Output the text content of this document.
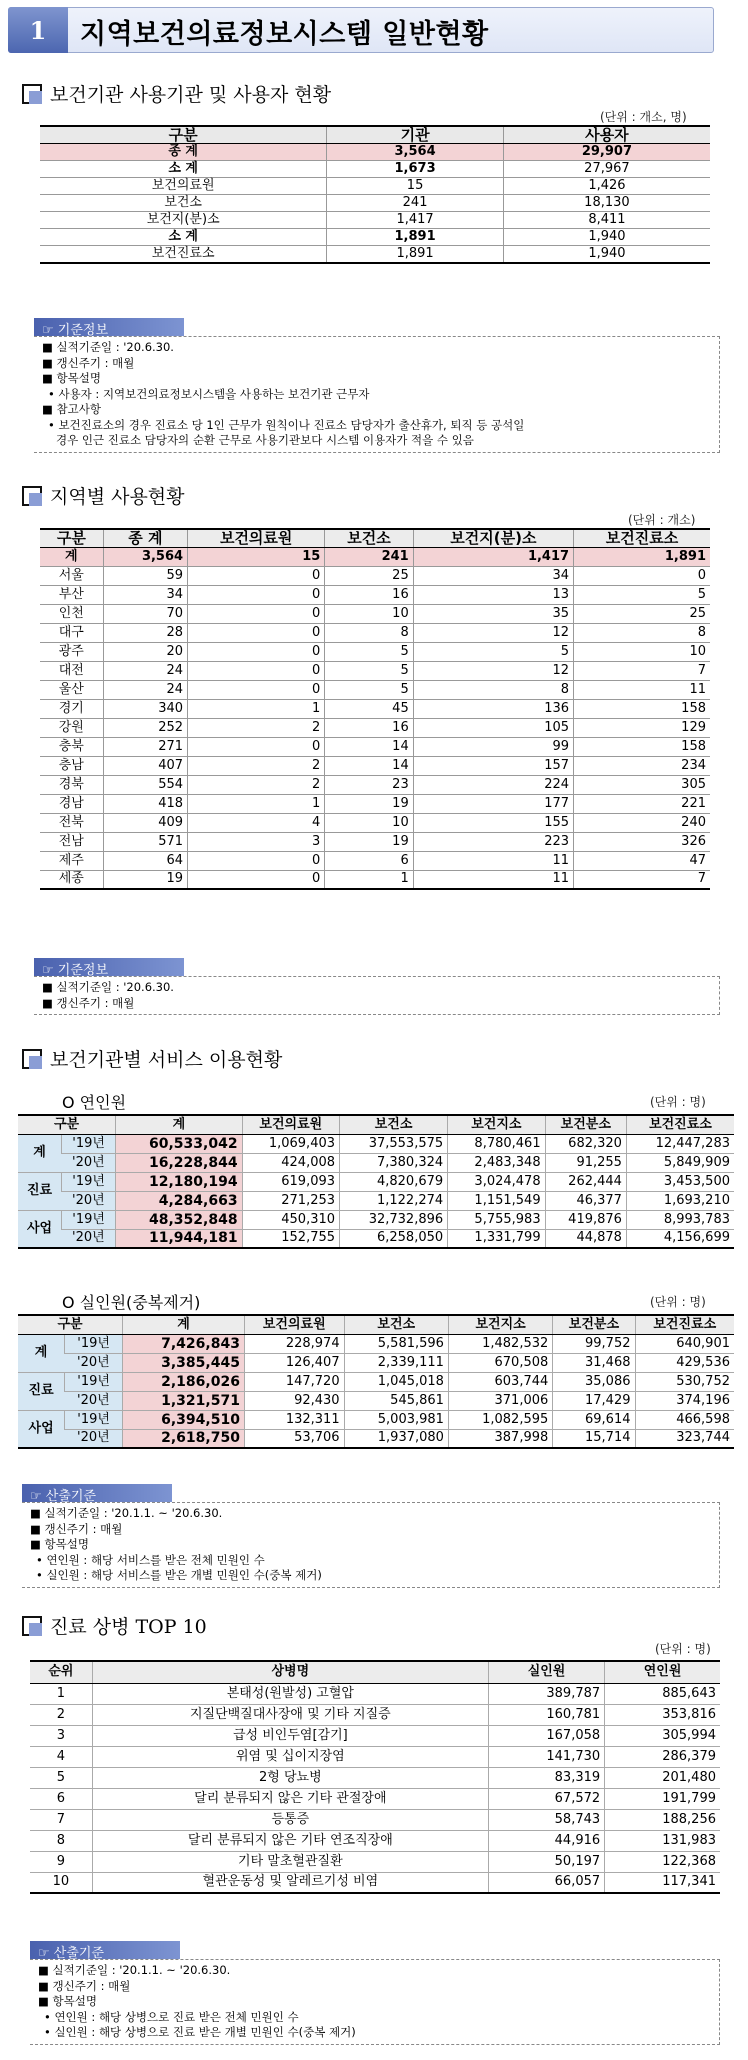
1	지역보건의료정보시스템 일반현황
보건기관 사용기관 및 사용자 현황
(단위 : 개소, 명)
구분	기관	사용자
종 계	3,564	29,907
소 계	1,673	27,967
보건의료원	15	1,426
보건소	241	18,130
보건지(분)소	1,417	8,411
소 계	1,891	1,940
보건진료소	1,891	1,940
☞ 기준정보
■ 실적기준일 : '20.6.30.
■ 갱신주기 : 매월
■ 항목설명
• 사용자 : 지역보건의료정보시스템을 사용하는 보건기관 근무자
■ 참고사항
• 보건진료소의 경우 진료소 당 1인 근무가 원칙이나 진료소 담당자가 출산휴가, 퇴직 등 공석일
경우 인근 진료소 담당자의 순환 근무로 사용기관보다 시스템 이용자가 적을 수 있음
지역별 사용현황
(단위 : 개소)
구분	종 계	보건의료원	보건소	보건지(분)소	보건진료소
계	3,564	15	241	1,417	1,891
서울	59	0	25	34	0
부산	34	0	16	13	5
인천	70	0	10	35	25
대구	28	0	8	12	8
광주	20	0	5	5	10
대전	24	0	5	12	7
울산	24	0	5	8	11
경기	340	1	45	136	158
강원	252	2	16	105	129
충북	271	0	14	99	158
충남	407	2	14	157	234
경북	554	2	23	224	305
경남	418	1	19	177	221
전북	409	4	10	155	240
전남	571	3	19	223	326
제주	64	0	6	11	47
세종	19	0	1	11	7
☞ 기준정보
■ 실적기준일 : '20.6.30.
■ 갱신주기 : 매월
보건기관별 서비스 이용현황
O 연인원	(단위 : 명)
구분		계	보건의료원	보건소	보건지소	보건분소	보건진료소
계	'19년	60,533,042	1,069,403	37,553,575	8,780,461	682,320	12,447,283
	'20년	16,228,844	424,008	7,380,324	2,483,348	91,255	5,849,909
진료	'19년	12,180,194	619,093	4,820,679	3,024,478	262,444	3,453,500
	'20년	4,284,663	271,253	1,122,274	1,151,549	46,377	1,693,210
사업	'19년	48,352,848	450,310	32,732,896	5,755,983	419,876	8,993,783
	'20년	11,944,181	152,755	6,258,050	1,331,799	44,878	4,156,699
O 실인원(중복제거)	(단위 : 명)
구분		계	보건의료원	보건소	보건지소	보건분소	보건진료소
계	'19년	7,426,843	228,974	5,581,596	1,482,532	99,752	640,901
	'20년	3,385,445	126,407	2,339,111	670,508	31,468	429,536
진료	'19년	2,186,026	147,720	1,045,018	603,744	35,086	530,752
	'20년	1,321,571	92,430	545,861	371,006	17,429	374,196
사업	'19년	6,394,510	132,311	5,003,981	1,082,595	69,614	466,598
	'20년	2,618,750	53,706	1,937,080	387,998	15,714	323,744
☞ 산출기준
■ 실적기준일 : '20.1.1. ~ '20.6.30.
■ 갱신주기 : 매월
■ 항목설명
• 연인원 : 해당 서비스를 받은 전체 민원인 수
• 실인원 : 해당 서비스를 받은 개별 민원인 수(중복 제거)
진료 상병 TOP 10
(단위 : 명)
순위	상병명	실인원	연인원
1	본태성(원발성) 고혈압	389,787	885,643
2	지질단백질대사장애 및 기타 지질증	160,781	353,816
3	급성 비인두염[감기]	167,058	305,994
4	위염 및 십이지장염	141,730	286,379
5	2형 당뇨병	83,319	201,480
6	달리 분류되지 않은 기타 관절장애	67,572	191,799
7	등통증	58,743	188,256
8	달리 분류되지 않은 기타 연조직장애	44,916	131,983
9	기타 말초혈관질환	50,197	122,368
10	혈관운동성 및 알레르기성 비염	66,057	117,341
☞ 산출기준
■ 실적기준일 : '20.1.1. ~ '20.6.30.
■ 갱신주기 : 매월
■ 항목설명
• 연인원 : 해당 상병으로 진료 받은 전체 민원인 수
• 실인원 : 해당 상병으로 진료 받은 개별 민원인 수(중복 제거)
